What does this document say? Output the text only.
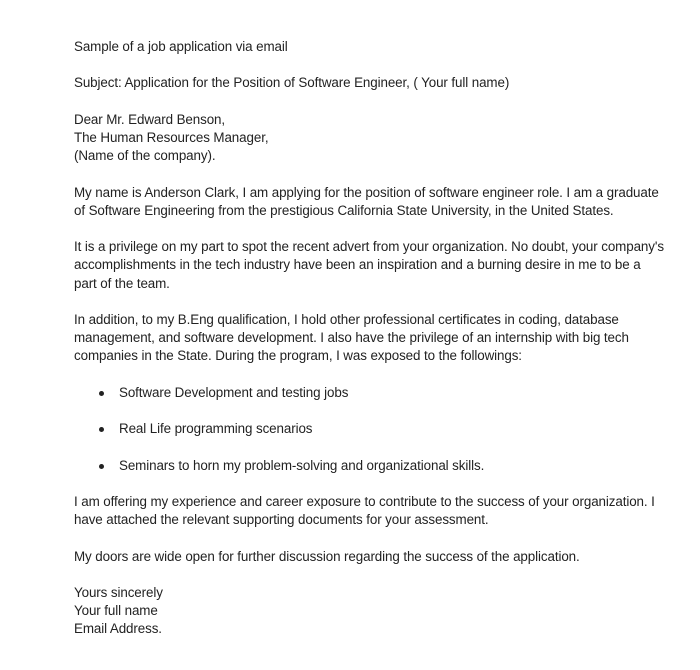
Sample of a job application via email

Subject: Application for the Position of Software Engineer, ( Your full name)

Dear Mr. Edward Benson,

The Human Resources Manager,

(Name of the company).

My name is Anderson Clark, I am applying for the position of software engineer role. I am a graduate of Software Engineering from the prestigious California State University, in the United States.

It is a privilege on my part to spot the recent advert from your organization. No doubt, your company's accomplishments in the tech industry have been an inspiration and a burning desire in me to be a part of the team.

In addition, to my B.Eng qualification, I hold other professional certificates in coding, database management, and software development. I also have the privilege of an internship with big tech companies in the State. During the program, I was exposed to the followings:

Software Development and testing jobs
Real Life programming scenarios
Seminars to horn my problem-solving and organizational skills.

I am offering my experience and career exposure to contribute to the success of your organization. I have attached the relevant supporting documents for your assessment.

My doors are wide open for further discussion regarding the success of the application.

Yours sincerely

Your full name

Email Address.
